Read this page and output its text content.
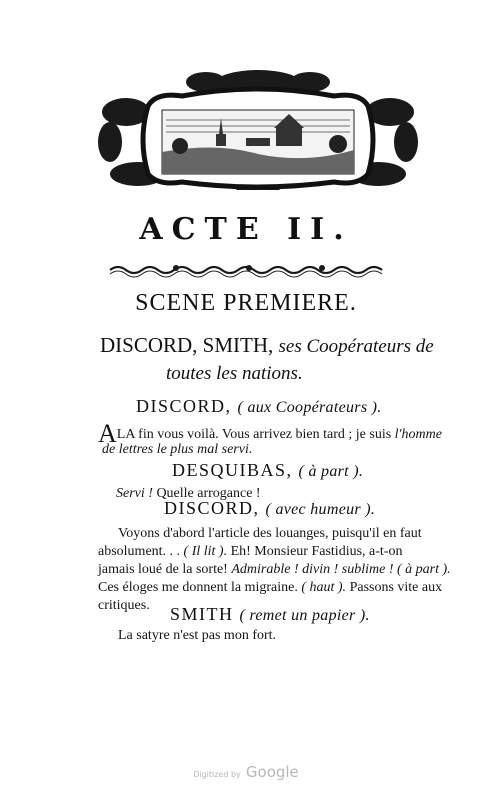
ACTE II.
SCENE PREMIERE.
DISCORD, SMITH, ses Coopérateurs de
toutes les nations.
DISCORD, ( aux Coopérateurs ).
ALA fin vous voilà. Vous arrivez bien tard ; je suis l'homme
de lettres le plus mal servi.
DESQUIBAS, ( à part ).
Servi ! Quelle arrogance !
DISCORD, ( avec humeur ).
Voyons d'abord l'article des louanges, puisqu'il en faut
absolument. . . ( Il lit ). Eh! Monsieur Fastidius, a-t-on
jamais loué de la sorte! Admirable ! divin ! sublime ! ( à part ).
Ces éloges me donnent la migraine. ( haut ). Passons vite aux
critiques. SMITH ( remet un papier ).
La satyre n'est pas mon fort.
Digitized by Google
